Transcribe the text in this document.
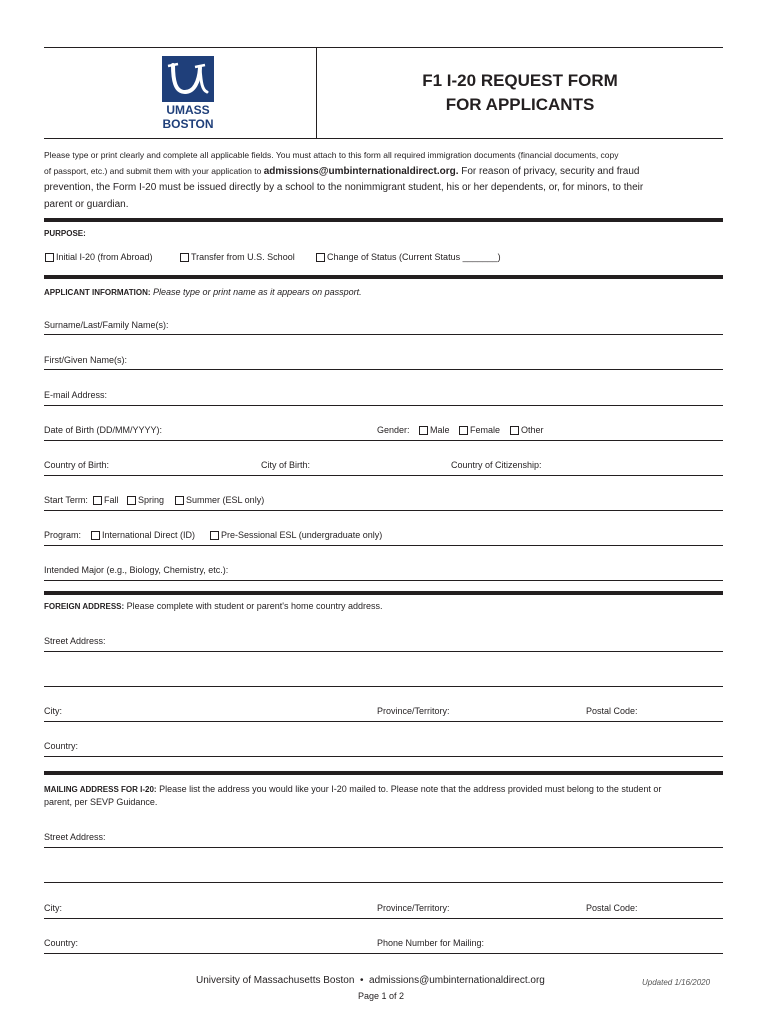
UMASS
BOSTON
F1 I-20 REQUEST FORM
FOR APPLICANTS
Please type or print clearly and complete all applicable fields. You must attach to this form all required immigration documents (financial documents, copy
of passport, etc.) and submit them with your application to admissions@umbinternationaldirect.org. For reason of privacy, security and fraud
prevention, the Form I-20 must be issued directly by a school to the nonimmigrant student, his or her dependents, or, for minors, to their
parent or guardian.
PURPOSE:
Initial I-20 (from Abroad)	Transfer from U.S. School	Change of Status (Current Status _______)
APPLICANT INFORMATION: Please type or print name as it appears on passport.
Surname/Last/Family Name(s):
First/Given Name(s):
E-mail Address:
Date of Birth (DD/MM/YYYY):	Gender:	Male	Female	Other
Country of Birth:	City of Birth:	Country of Citizenship:
Start Term:	Fall	Spring	Summer (ESL only)
Program:	International Direct (ID)	Pre-Sessional ESL (undergraduate only)
Intended Major (e.g., Biology, Chemistry, etc.):
FOREIGN ADDRESS: Please complete with student or parent's home country address.
Street Address:
City:	Province/Territory:	Postal Code:
Country:
MAILING ADDRESS FOR I-20: Please list the address you would like your I-20 mailed to. Please note that the address provided must belong to the student or
parent, per SEVP Guidance.
Street Address:
City:	Province/Territory:	Postal Code:
Country:	Phone Number for Mailing:
University of Massachusetts Boston • admissions@umbinternationaldirect.org	Updated 1/16/2020
Page 1 of 2
